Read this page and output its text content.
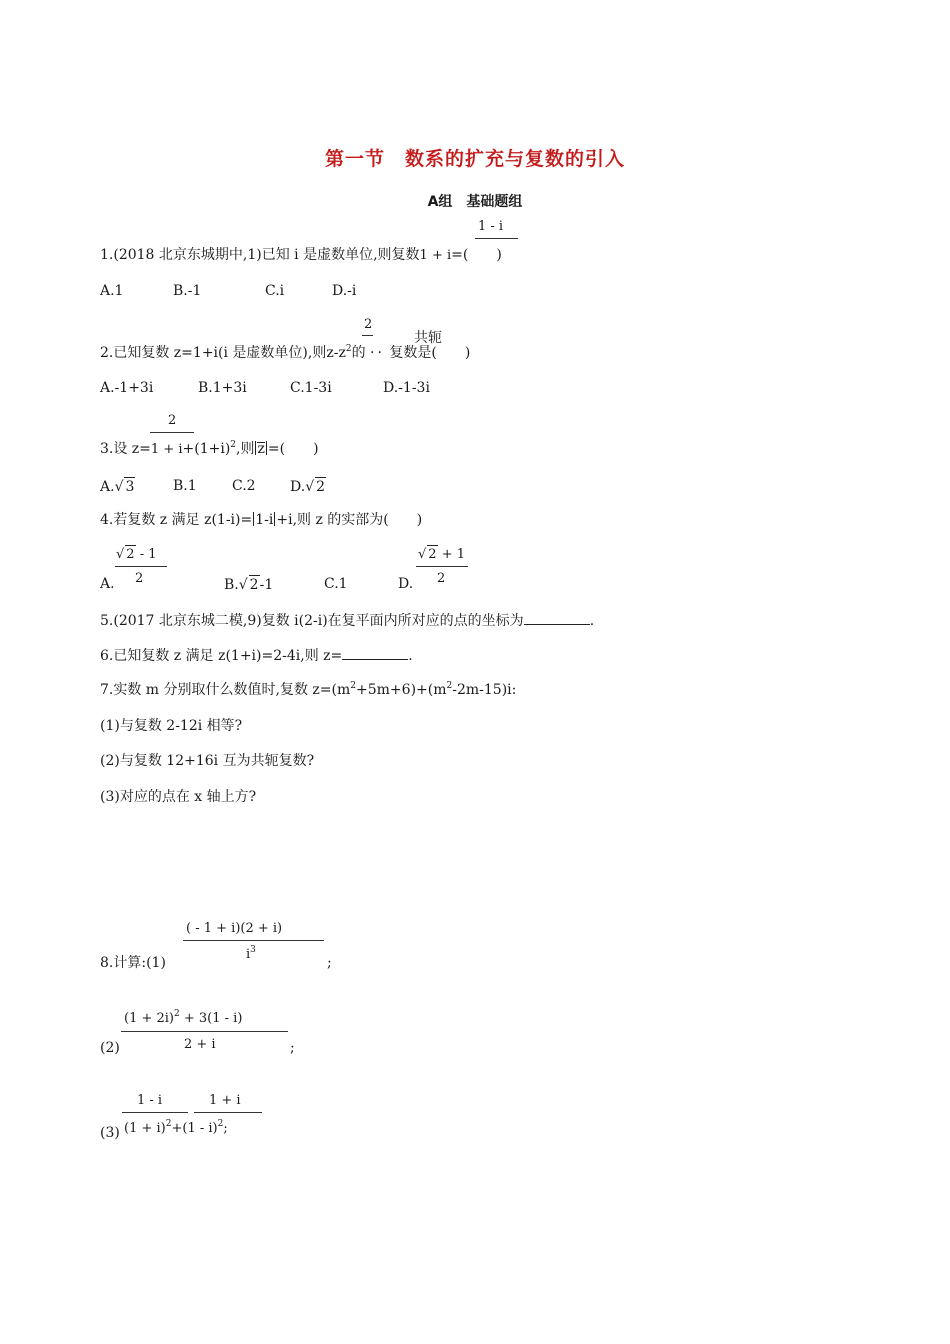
第一节　数系的扩充与复数的引入
A组　基础题组
1 - i
1.(2018 北京东城期中,1)已知 i 是虚数单位,则复数1 + i=(　　)
A.1	B.-1	C.i	D.-i
2
共轭
2.已知复数 z=1+i(i 是虚数单位),则$z-z^2$的 ·· 复数是(　　)
A.-1+3i	B.1+3i	C.1-3i	D.-1-3i
2
3.设 $z=1 + i+(1+i)^2$,则 z =(　　)
A.√ 3	B.1	C.2 D.√ 2
4.若复数 z 满足 z(1-i)= 1-i +i,则 z 的实部为(　　)
√ 2 - 1
2
A.	B.√ 2-1	C.1
√ 2 + 1
2
D.
5.(2017 北京东城二模,9)复数 i(2-i)在复平面内所对应的点的坐标为	.
6.已知复数 z 满足 z(1+i)=2-4i,则 z=	.
7.实数 m 分别取什么数值时,复数 $z=(m^2+5m+6)+(m^2-2m-15)i$:
(1)与复数 2-12i 相等?
(2)与复数 12+16i 互为共轭复数?
(3)对应的点在 x 轴上方?
( - 1 + i)(2 + i)
$i^3$
8.计算:(1)	;
$(1 + 2i)^2 + 3(1 - i)$
(2)	2 + i	;
1 - i	1 + i
(3) $(1 + i)^2+(1 - i)^2$;
